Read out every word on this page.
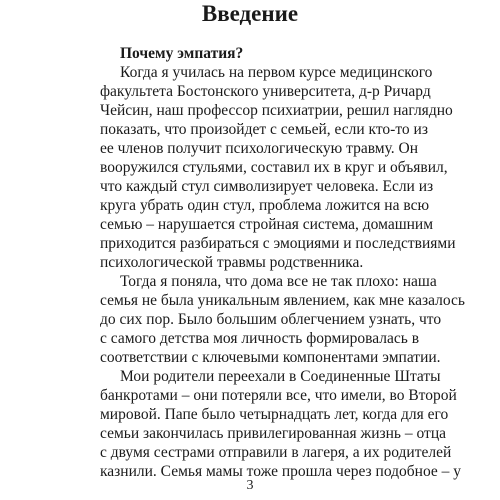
Введение
Почему эмпатия?
Когда я училась на первом курсе медицинского
факультета Бостонского университета, д-р Ричард
Чейсин, наш профессор психиатрии, решил наглядно
показать, что произойдет с семьей, если кто-то из
ее членов получит психологическую травму. Он
вооружился стульями, составил их в круг и объявил,
что каждый стул символизирует человека. Если из
круга убрать один стул, проблема ложится на всю
семью – нарушается стройная система, домашним
приходится разбираться с эмоциями и последствиями
психологической травмы родственника.
Тогда я поняла, что дома все не так плохо: наша
семья не была уникальным явлением, как мне казалось
до сих пор. Было большим облегчением узнать, что
с самого детства моя личность формировалась в
соответствии с ключевыми компонентами эмпатии.
Мои родители переехали в Соединенные Штаты
банкротами – они потеряли все, что имели, во Второй
мировой. Папе было четырнадцать лет, когда для его
семьи закончилась привилегированная жизнь – отца
с двумя сестрами отправили в лагеря, а их родителей
казнили. Семья мамы тоже прошла через подобное – у
3
